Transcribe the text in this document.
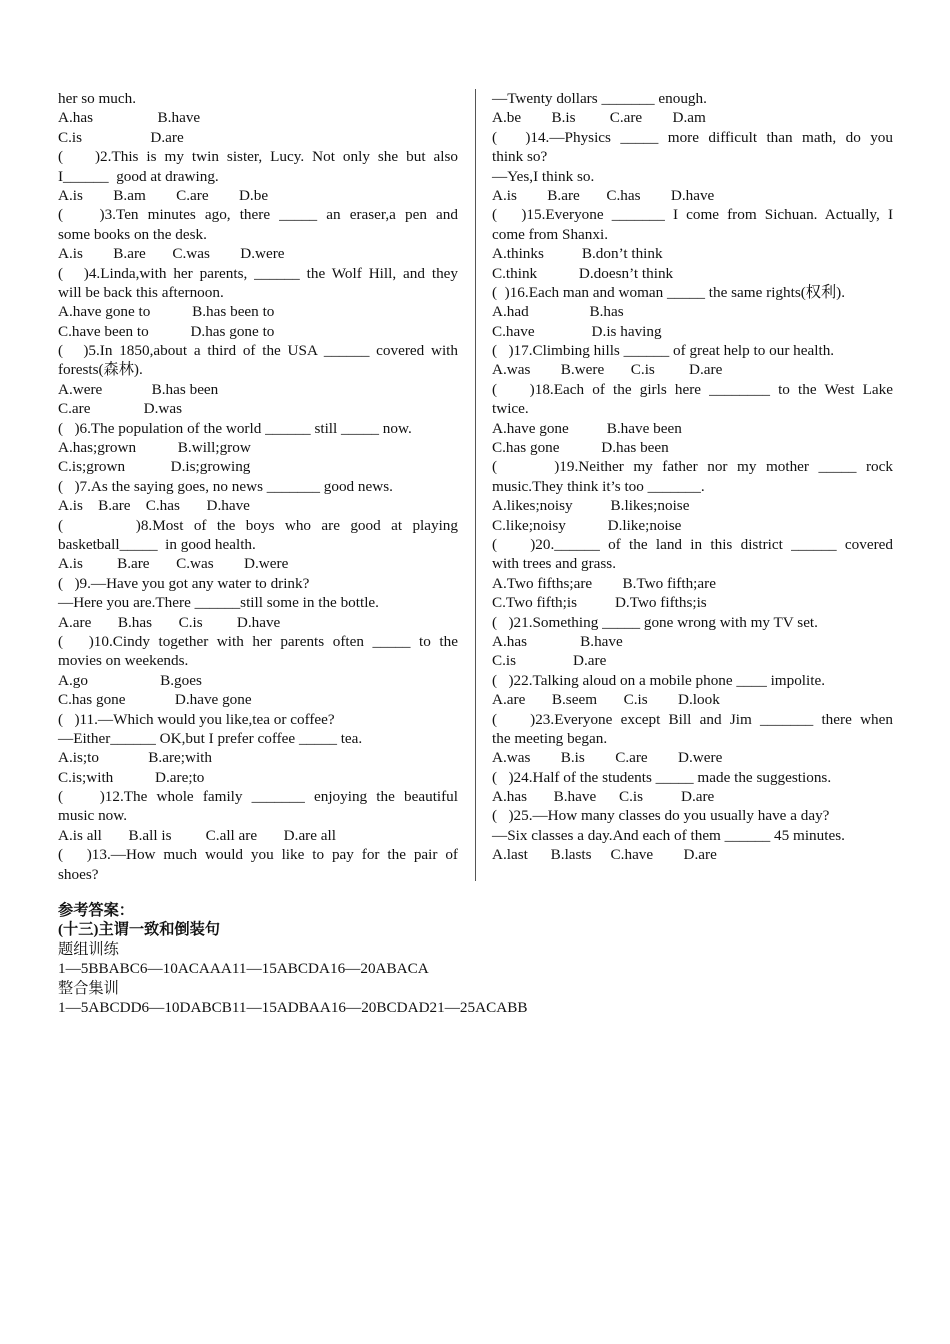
her so much.
A.has                 B.have
C.is                  D.are
(    )2.This is my twin sister, Lucy. Not only she but also
I______  good at drawing.
A.is        B.am        C.are        D.be
(    )3.Ten minutes ago, there _____ an eraser,a pen and
some books on the desk.
A.is        B.are       C.was        D.were
(   )4.Linda,with her parents, ______ the Wolf Hill, and they
will be back this afternoon.
A.have gone to           B.has been to
C.have been to           D.has gone to
(   )5.In 1850,about a third of the USA ______ covered with
forests(森林).
A.were             B.has been
C.are              D.was
(   )6.The population of the world ______ still _____ now.
A.has;grown           B.will;grow
C.is;grown            D.is;growing
(   )7.As the saying goes, no news _______ good news.
A.is    B.are    C.has       D.have
(       )8.Most of the boys who are good at playing
basketball_____  in good health.
A.is         B.are       C.was        D.were
(   )9.—Have you got any water to drink?
—Here you are.There ______still some in the bottle.
A.are       B.has       C.is         D.have
(   )10.Cindy together with her parents often _____ to the
movies on weekends.
A.go                   B.goes
C.has gone             D.have gone
(   )11.—Which would you like,tea or coffee?
—Either______ OK,but I prefer coffee _____ tea.
A.is;to             B.are;with
C.is;with           D.are;to
(    )12.The whole family _______ enjoying the beautiful
music now.
A.is all       B.all is         C.all are       D.are all
(   )13.—How much would you like to pay for the pair of
shoes?
—Twenty dollars _______ enough.
A.be        B.is         C.are        D.am
(   )14.—Physics _____ more difficult than math, do you
think so?
—Yes,I think so.
A.is        B.are       C.has        D.have
(   )15.Everyone _______ I come from Sichuan. Actually, I
come from Shanxi.
A.thinks          B.don’t think
C.think           D.doesn’t think
(  )16.Each man and woman _____ the same rights(权利).
A.had                B.has
C.have               D.is having
(   )17.Climbing hills ______ of great help to our health.
A.was        B.were       C.is         D.are
(    )18.Each of the girls here ________ to the West Lake
twice.
A.have gone          B.have been
C.has gone           D.has been
(      )19.Neither my father nor my mother _____ rock
music.They think it’s too _______.
A.likes;noisy          B.likes;noise
C.like;noisy           D.like;noise
(    )20.______ of the land in this district ______ covered
with trees and grass.
A.Two fifths;are        B.Two fifth;are
C.Two fifth;is          D.Two fifths;is
(   )21.Something _____ gone wrong with my TV set.
A.has              B.have
C.is               D.are
(   )22.Talking aloud on a mobile phone ____ impolite.
A.are       B.seem       C.is        D.look
(    )23.Everyone except Bill and Jim _______ there when
the meeting began.
A.was        B.is        C.are        D.were
(   )24.Half of the students _____ made the suggestions.
A.has       B.have      C.is          D.are
(   )25.—How many classes do you usually have a day?
—Six classes a day.And each of them ______ 45 minutes.
A.last      B.lasts     C.have        D.are
参考答案：
(十三)主谓一致和倒装句
题组训练
1—5BBABC6—10ACAAA11—15ABCDA16—20ABACA
整合集训
1—5ABCDD6—10DABCB11—15ADBAA16—20BCDAD21—25ACABB
